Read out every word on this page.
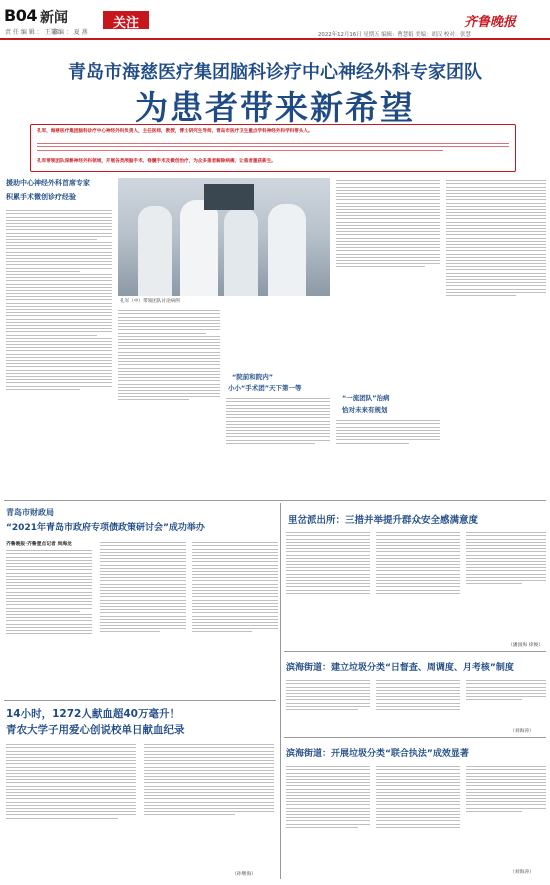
B04 新闻
责 任 编 辑 ： 王 鑫
美 编 ： 夏 燕
关注	齐鲁晚报
2022年12月16日 星期五 编辑：曹慧娟 美编：胡汉 校对：张慧
青岛市海慈医疗集团脑科诊疗中心神经外科专家团队
为患者带来新希望
孔军，海慈医疗集团脑科诊疗中心神经外科负责人，主任医师，教授，博士研究生导师，青岛市医疗卫生重点学科神经外科学科带头人。
孔军带领团队深耕神经外科领域，开展各类颅脑手术、脊髓手术及微创治疗，为众多患者解除病痛，让患者重获新生。
援助中心神经外科首席专家
积累手术微创诊疗经验
孔军（中）带领团队讨论病例
“院前和院内”
小小“手术团”天下第一等
“一流团队”治病
恰对未来有规划
青岛市财政局
“2021年青岛市政府专项债政策研讨会”成功举办
齐鲁晚报·齐鲁壹点记者 尚海龙
14小时，1272人献血超40万毫升！
青农大学子用爱心创说校单日献血纪录
（孙继海）
里岔派出所：三措并举提升群众安全感满意度
（潘国海 徐俊）
滨海街道：建立垃圾分类“日督查、周调度、月考核”制度
（刘海涛）
滨海街道：开展垃圾分类“联合执法”成效显著
（刘海涛）
